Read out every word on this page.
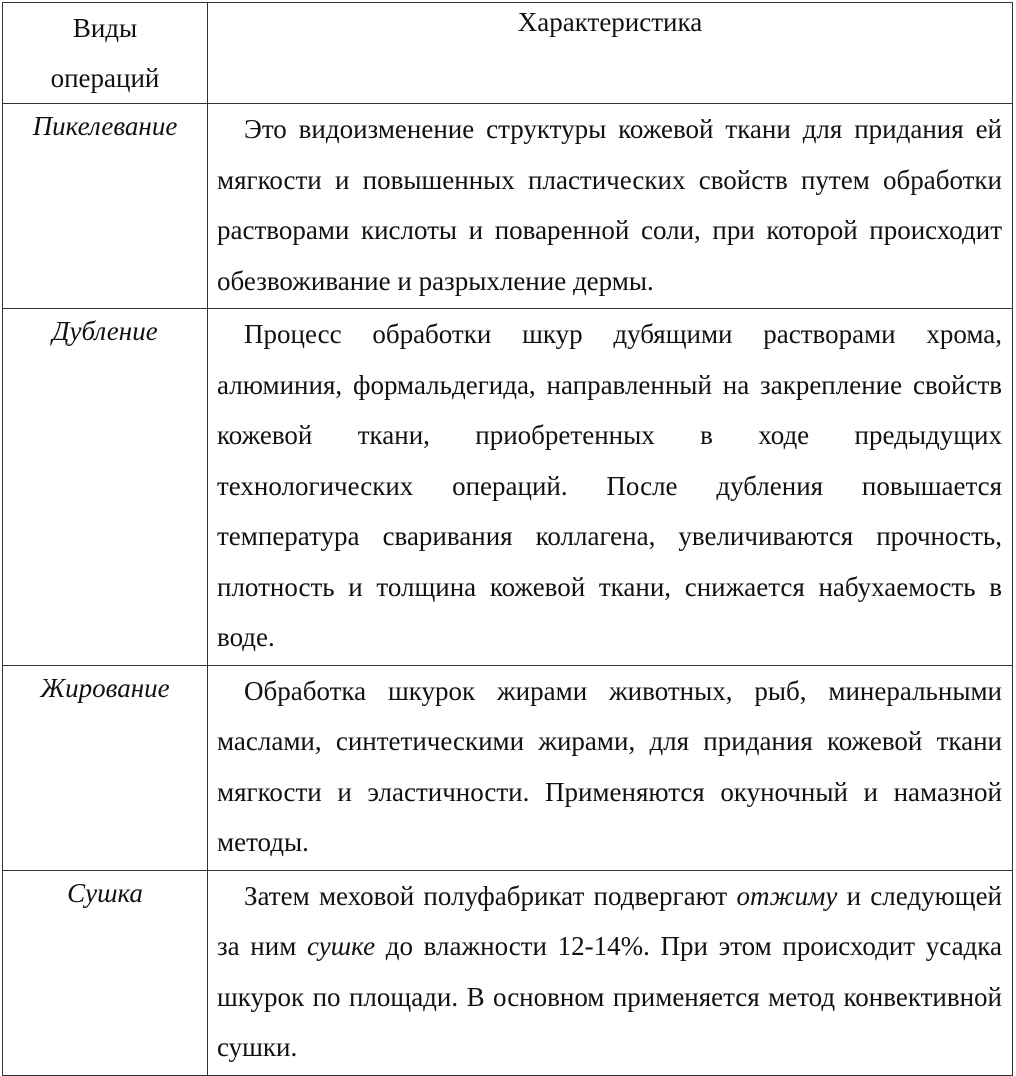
Виды
операций	Характеристика

Пикелевание	Это видоизменение структуры кожевой ткани для придания ей мягкости и повышенных пластических свойств путем обработки растворами кислоты и поваренной соли, при которой происходит обезвоживание и разрыхление дермы.

Дубление	Процесс обработки шкур дубящими растворами хрома, алюминия, формальдегида, направленный на закрепление свойств кожевой ткани, приобретенных в ходе предыдущих технологических операций. После дубления повышается температура сваривания коллагена, увеличиваются прочность, плотность и толщина кожевой ткани, снижается набухаемость в воде.

Жирование	Обработка шкурок жирами животных, рыб, минеральными маслами, синтетическими жирами, для придания кожевой ткани мягкости и эластичности. Применяются окуночный и намазной методы.

Сушка	Затем меховой полуфабрикат подвергают отжиму и следующей за ним сушке до влажности 12-14%. При этом происходит усадка шкурок по площади. В основном применяется метод конвективной сушки.
